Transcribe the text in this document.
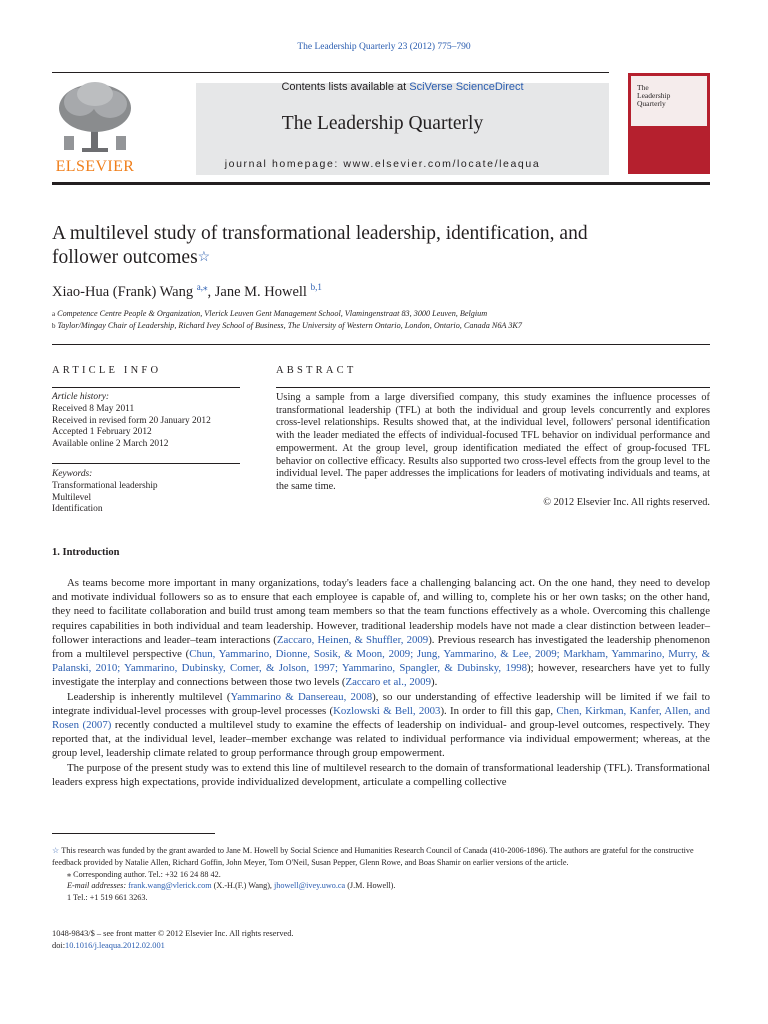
The Leadership Quarterly 23 (2012) 775–790
ELSEVIER
Contents lists available at SciVerse ScienceDirect
The Leadership Quarterly
journal homepage: www.elsevier.com/locate/leaqua
The
Leadership
Quarterly
A multilevel study of transformational leadership, identification, and
follower outcomes☆
Xiao-Hua (Frank) Wang $^{a,⁎}$, Jane M. Howell $^{b,1}$
a Competence Centre People & Organization, Vlerick Leuven Gent Management School, Vlamingenstraat 83, 3000 Leuven, Belgium
b Taylor/Mingay Chair of Leadership, Richard Ivey School of Business, The University of Western Ontario, London, Ontario, Canada N6A 3K7
ARTICLE INFO	ABSTRACT
Article history:
Received 8 May 2011
Received in revised form 20 January 2012
Accepted 1 February 2012
Available online 2 March 2012
Keywords:
Transformational leadership
Multilevel
Identification
Using a sample from a large diversified company, this study examines the influence processes of transformational leadership (TFL) at both the individual and group levels concurrently and explores cross-level relationships. Results showed that, at the individual level, followers' personal identification with the leader mediated the effects of individual-focused TFL behavior on individual performance and empowerment. At the group level, group identification mediated the effect of group-focused TFL behavior on collective efficacy. Results also supported two cross-level effects from the group level to the individual level. The paper addresses the implications for leaders of motivating individuals and teams, at the same time.
© 2012 Elsevier Inc. All rights reserved.
1. Introduction

As teams become more important in many organizations, today's leaders face a challenging balancing act. On the one hand, they need to develop and motivate individual followers so as to ensure that each employee is capable of, and willing to, complete his or her own tasks; on the other hand, they need to facilitate collaboration and build trust among team members so that the team functions effectively as a whole. Overcoming this challenge requires capabilities in both individual and team leadership. However, traditional leadership models have not made a clear distinction between leader–follower interactions and leader–team interactions (Zaccaro, Heinen, & Shuffler, 2009). Previous research has investigated the leadership phenomenon from a multilevel perspective (Chun, Yammarino, Dionne, Sosik, & Moon, 2009; Jung, Yammarino, & Lee, 2009; Markham, Yammarino, Murry, & Palanski, 2010; Yammarino, Dubinsky, Comer, & Jolson, 1997; Yammarino, Spangler, & Dubinsky, 1998); however, researchers have yet to fully investigate the interplay and connections between those two levels (Zaccaro et al., 2009).

Leadership is inherently multilevel (Yammarino & Dansereau, 2008), so our understanding of effective leadership will be limited if we fail to integrate individual-level processes with group-level processes (Kozlowski & Bell, 2003). In order to fill this gap, Chen, Kirkman, Kanfer, Allen, and Rosen (2007) recently conducted a multilevel study to examine the effects of leadership on individual- and group-level outcomes, respectively. They reported that, at the individual level, leader–member exchange was related to individual performance via individual empowerment; whereas, at the group level, leadership climate related to group performance through group empowerment.

The purpose of the present study was to extend this line of multilevel research to the domain of transformational leadership (TFL). Transformational leaders express high expectations, provide individualized development, articulate a compelling collective

☆ This research was funded by the grant awarded to Jane M. Howell by Social Science and Humanities Research Council of Canada (410-2006-1896). The authors are grateful for the constructive feedback provided by Natalie Allen, Richard Goffin, John Meyer, Tom O'Neil, Susan Pepper, Glenn Rowe, and Boas Shamir on earlier versions of the article.
⁎ Corresponding author. Tel.: +32 16 24 88 42.
E-mail addresses: frank.wang@vlerick.com (X.-H.(F.) Wang), jhowell@ivey.uwo.ca (J.M. Howell).
1 Tel.: +1 519 661 3263.
1048-9843/$ – see front matter © 2012 Elsevier Inc. All rights reserved.
doi:10.1016/j.leaqua.2012.02.001
